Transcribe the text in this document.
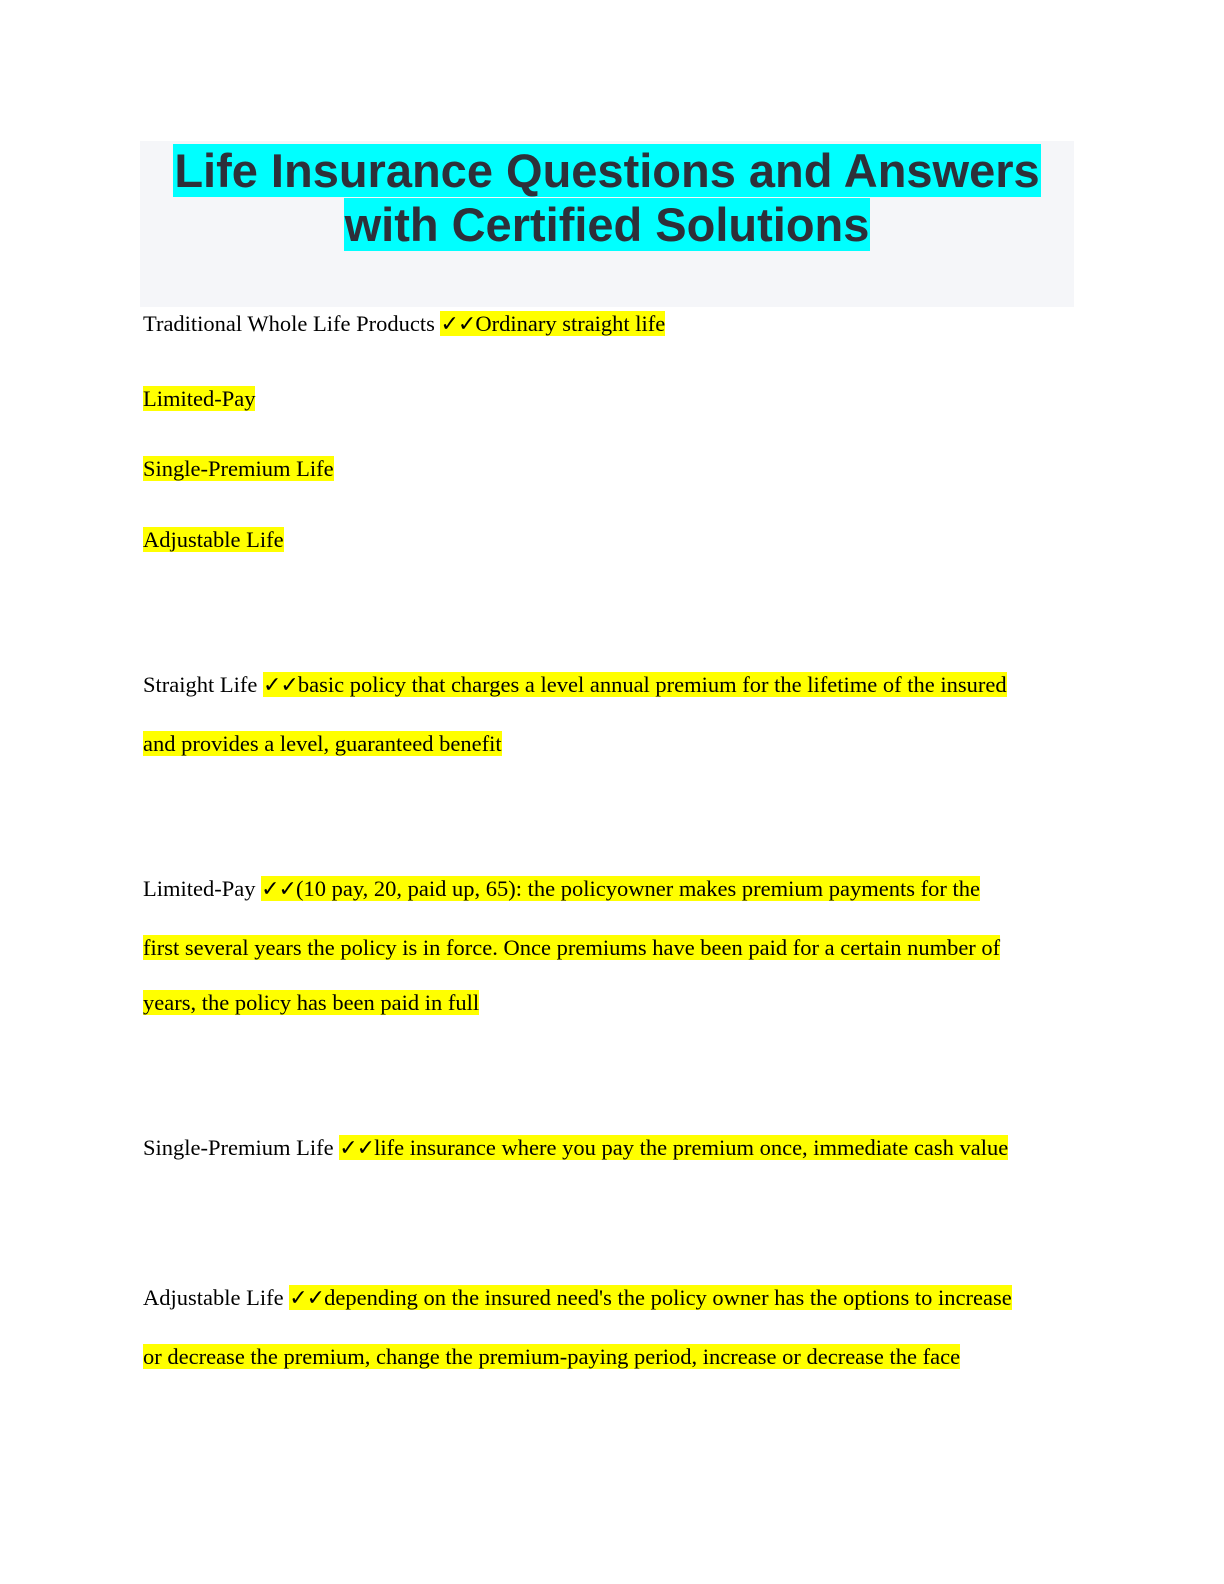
Life Insurance Questions and Answers
with Certified Solutions
Traditional Whole Life Products ✓✓Ordinary straight life
Limited-Pay
Single-Premium Life
Adjustable Life
Straight Life ✓✓basic policy that charges a level annual premium for the lifetime of the insured
and provides a level, guaranteed benefit
Limited-Pay ✓✓(10 pay, 20, paid up, 65): the policyowner makes premium payments for the
first several years the policy is in force. Once premiums have been paid for a certain number of
years, the policy has been paid in full
Single-Premium Life ✓✓life insurance where you pay the premium once, immediate cash value
Adjustable Life ✓✓depending on the insured need's the policy owner has the options to increase
or decrease the premium, change the premium-paying period, increase or decrease the face
